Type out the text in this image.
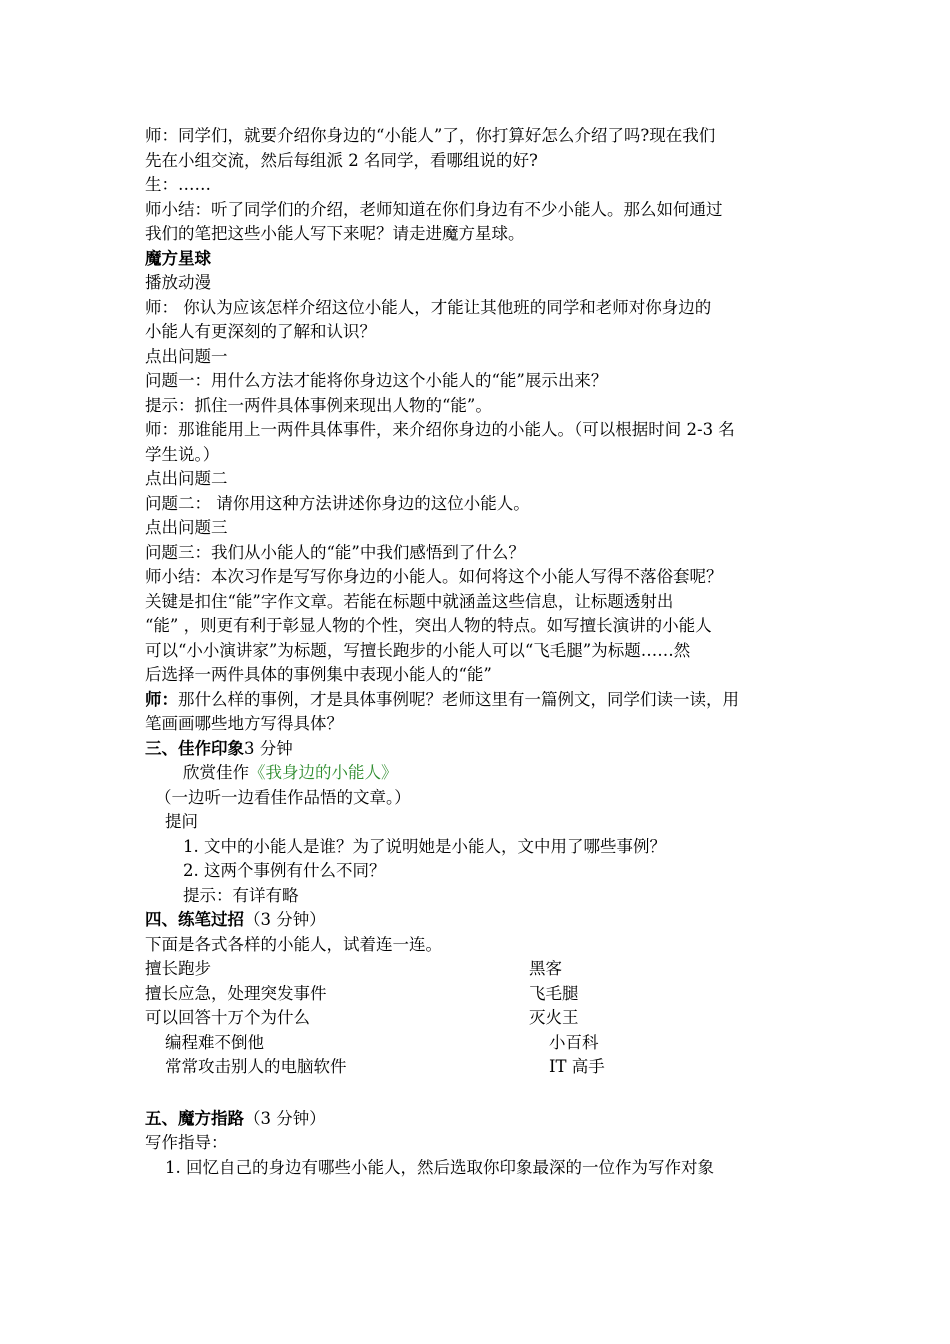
师：同学们，就要介绍你身边的“小能人”了，你打算好怎么介绍了吗?现在我们
先在小组交流，然后每组派 2 名同学，看哪组说的好?
生：……
师小结：听了同学们的介绍，老师知道在你们身边有不少小能人。那么如何通过
我们的笔把这些小能人写下来呢？请走进魔方星球。
魔方星球
播放动漫
师： 你认为应该怎样介绍这位小能人，才能让其他班的同学和老师对你身边的
小能人有更深刻的了解和认识？
点出问题一
问题一：用什么方法才能将你身边这个小能人的“能”展示出来？
提示：抓住一两件具体事例来现出人物的“能”。
师：那谁能用上一两件具体事件，来介绍你身边的小能人。（可以根据时间 2-3 名
学生说。）
点出问题二
问题二： 请你用这种方法讲述你身边的这位小能人。
点出问题三
问题三：我们从小能人的“能”中我们感悟到了什么？
师小结：本次习作是写写你身边的小能人。如何将这个小能人写得不落俗套呢？
关键是扣住“能”字作文章。若能在标题中就涵盖这些信息，让标题透射出
“能” ，则更有利于彰显人物的个性，突出人物的特点。如写擅长演讲的小能人
可以“小小演讲家”为标题，写擅长跑步的小能人可以“飞毛腿”为标题……然
后选择一两件具体的事例集中表现小能人的“能”
师：那什么样的事例，才是具体事例呢？老师这里有一篇例文，同学们读一读，用
笔画画哪些地方写得具体？
三、佳作印象3 分钟
欣赏佳作《我身边的小能人》
（一边听一边看佳作品悟的文章。）
提问
1. 文中的小能人是谁？为了说明她是小能人，文中用了哪些事例？
2. 这两个事例有什么不同？
提示：有详有略
四、练笔过招（3 分钟）
下面是各式各样的小能人，试着连一连。
擅长跑步	黑客
擅长应急，处理突发事件	飞毛腿
可以回答十万个为什么	灭火王
编程难不倒他	小百科
常常攻击别人的电脑软件	IT 高手
五、魔方指路（3 分钟）
写作指导：
1. 回忆自己的身边有哪些小能人，然后选取你印象最深的一位作为写作对象
